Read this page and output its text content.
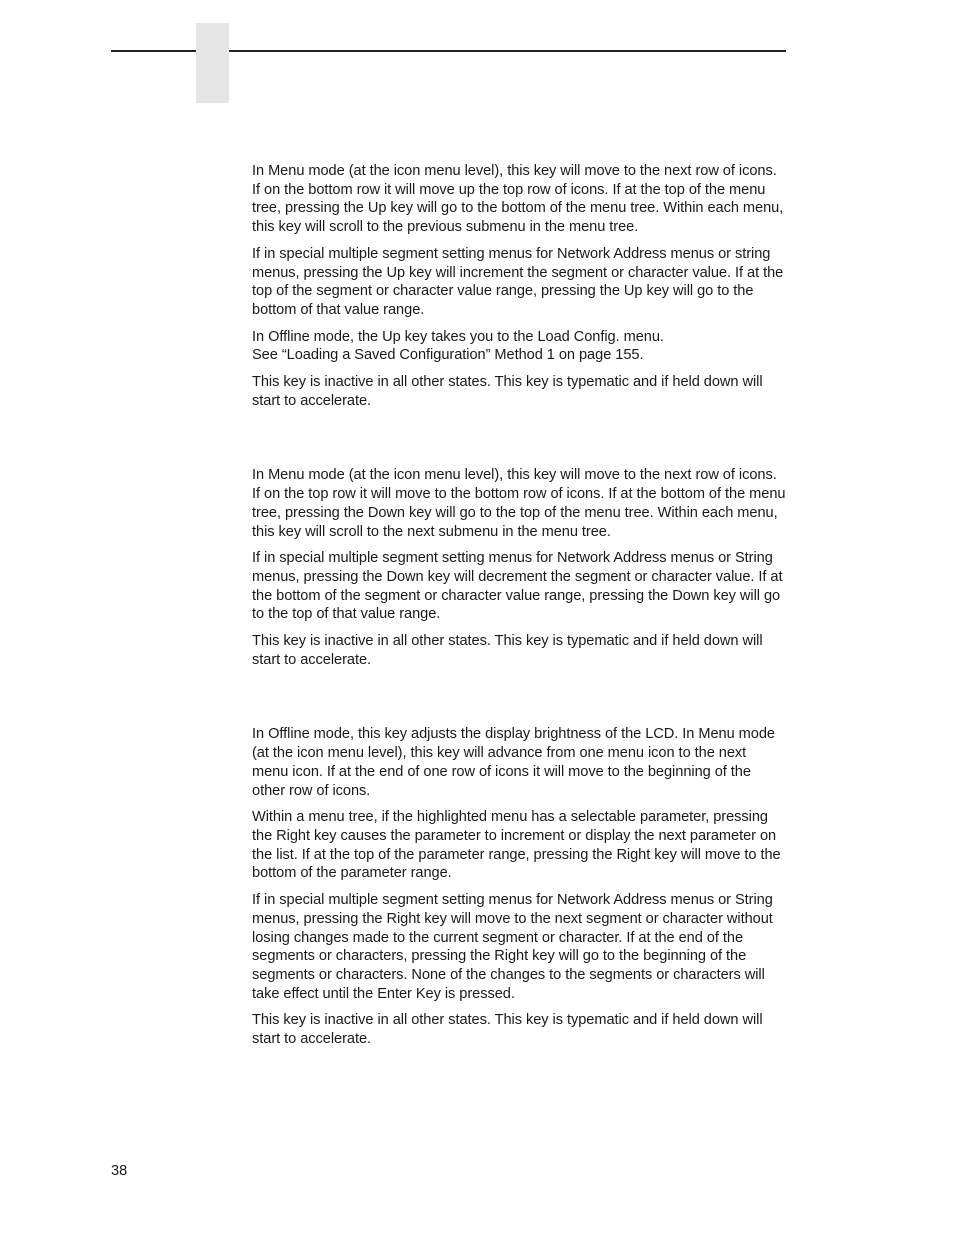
In Menu mode (at the icon menu level), this key will move to the next row of icons. If on the bottom row it will move up the top row of icons. If at the top of the menu tree, pressing the Up key will go to the bottom of the menu tree. Within each menu, this key will scroll to the previous submenu in the menu tree.

If in special multiple segment setting menus for Network Address menus or string menus, pressing the Up key will increment the segment or character value. If at the top of the segment or character value range, pressing the Up key will go to the bottom of that value range.

In Offline mode, the Up key takes you to the Load Config. menu.
See “Loading a Saved Configuration” Method 1 on page 155.

This key is inactive in all other states. This key is typematic and if held down will start to accelerate.

In Menu mode (at the icon menu level), this key will move to the next row of icons. If on the top row it will move to the bottom row of icons. If at the bottom of the menu tree, pressing the Down key will go to the top of the menu tree. Within each menu, this key will scroll to the next submenu in the menu tree.

If in special multiple segment setting menus for Network Address menus or String menus, pressing the Down key will decrement the segment or character value. If at the bottom of the segment or character value range, pressing the Down key will go to the top of that value range.

This key is inactive in all other states. This key is typematic and if held down will start to accelerate.

In Offline mode, this key adjusts the display brightness of the LCD. In Menu mode (at the icon menu level), this key will advance from one menu icon to the next menu icon. If at the end of one row of icons it will move to the beginning of the other row of icons.

Within a menu tree, if the highlighted menu has a selectable parameter, pressing the Right key causes the parameter to increment or display the next parameter on the list. If at the top of the parameter range, pressing the Right key will move to the bottom of the parameter range.

If in special multiple segment setting menus for Network Address menus or String menus, pressing the Right key will move to the next segment or character without losing changes made to the current segment or character. If at the end of the segments or characters, pressing the Right key will go to the beginning of the segments or characters. None of the changes to the segments or characters will take effect until the Enter Key is pressed.

This key is inactive in all other states. This key is typematic and if held down will start to accelerate.

38
